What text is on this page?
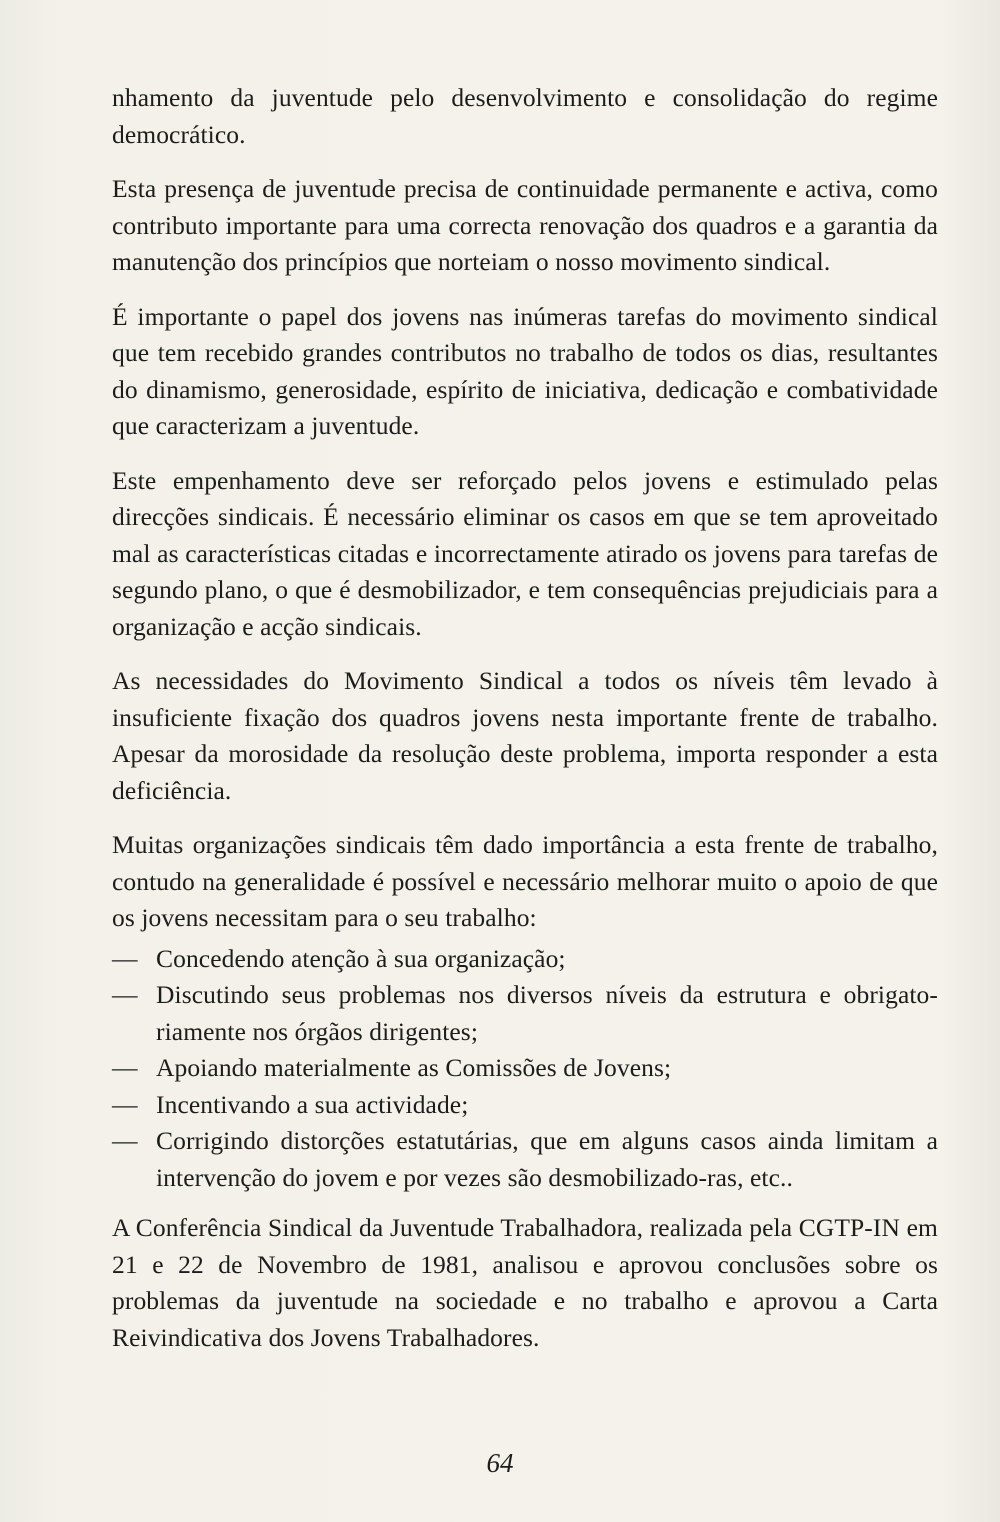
nhamento da juventude pelo desenvolvimento e consolidação do regime democrático.

Esta presença de juventude precisa de continuidade permanente e activa, como contributo importante para uma correcta renovação dos quadros e a garantia da manutenção dos princípios que norteiam o nosso movimento sindical.

É importante o papel dos jovens nas inúmeras tarefas do movimento sindical que tem recebido grandes contributos no trabalho de todos os dias, resultantes do dinamismo, generosidade, espírito de iniciativa, dedicação e combatividade que caracterizam a juventude.

Este empenhamento deve ser reforçado pelos jovens e estimulado pelas direcções sindicais. É necessário eliminar os casos em que se tem aproveitado mal as características citadas e incorrectamente atirado os jovens para tarefas de segundo plano, o que é desmobilizador, e tem consequências prejudiciais para a organização e acção sindicais.

As necessidades do Movimento Sindical a todos os níveis têm levado à insuficiente fixação dos quadros jovens nesta importante frente de trabalho. Apesar da morosidade da resolução deste problema, importa responder a esta deficiência.

Muitas organizações sindicais têm dado importância a esta frente de trabalho, contudo na generalidade é possível e necessário melhorar muito o apoio de que os jovens necessitam para o seu trabalho:

— Concedendo atenção à sua organização;
— Discutindo seus problemas nos diversos níveis da estrutura e obrigato-riamente nos órgãos dirigentes;
— Apoiando materialmente as Comissões de Jovens;
— Incentivando a sua actividade;
— Corrigindo distorções estatutárias, que em alguns casos ainda limitam a intervenção do jovem e por vezes são desmobilizado-ras, etc..

A Conferência Sindical da Juventude Trabalhadora, realizada pela CGTP-IN em 21 e 22 de Novembro de 1981, analisou e aprovou conclusões sobre os problemas da juventude na sociedade e no trabalho e aprovou a Carta Reivindicativa dos Jovens Trabalhadores.

64
